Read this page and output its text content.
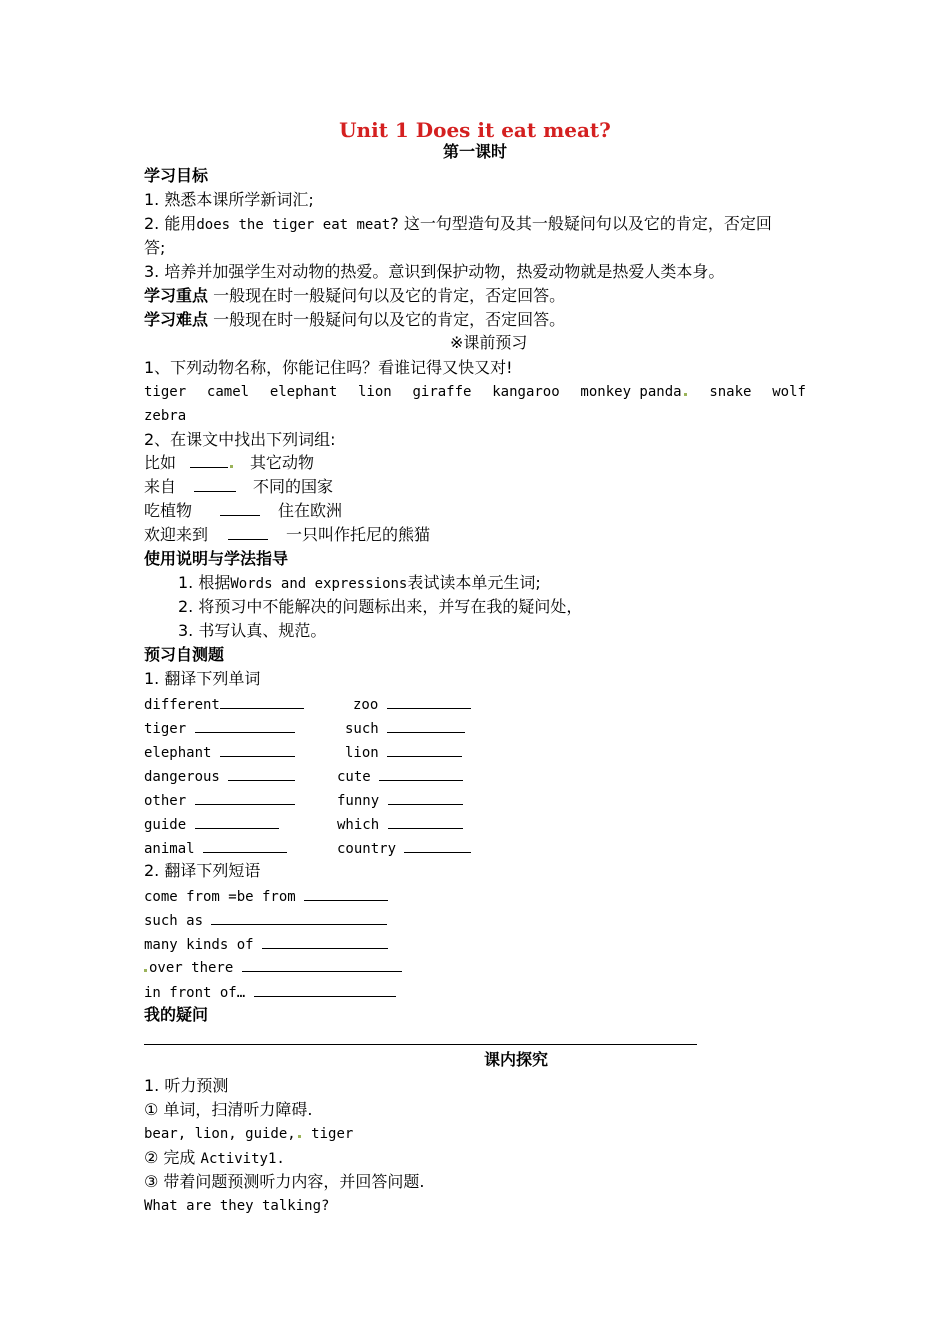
Unit 1 Does it eat meat?
第一课时
学习目标
1. 熟悉本课所学新词汇;
2. 能用does the tiger eat meat? 这一句型造句及其一般疑问句以及它的肯定，否定回
答;
3. 培养并加强学生对动物的热爱。意识到保护动物，热爱动物就是热爱人类本身。
学习重点 一般现在时一般疑问句以及它的肯定，否定回答。
学习难点 一般现在时一般疑问句以及它的肯定，否定回答。
※课前预习
1、下列动物名称，你能记住吗？看谁记得又快又对!
tiger camel elephant lion giraffe kangaroo monkey panda	snake wolf
zebra
2、在课文中找出下列词组:
比如	其它动物
来自	不同的国家
吃植物	住在欧洲
欢迎来到	一只叫作托尼的熊猫
使用说明与学法指导
1. 根据Words and expressions表试读本单元生词;
2. 将预习中不能解决的问题标出来，并写在我的疑问处，
3. 书写认真、规范。
预习自测题
1. 翻译下列单词
different	zoo
tiger	such
elephant	lion
dangerous	cute
other	funny
guide	which
animal	country
2. 翻译下列短语
come from =be from
such as
many kinds of
over there
in front of…
我的疑问
课内探究
1. 听力预测
① 单词，扫清听力障碍.
bear, lion, guide, tiger
② 完成 Activity1.
③ 带着问题预测听力内容，并回答问题.
What are they talking?
